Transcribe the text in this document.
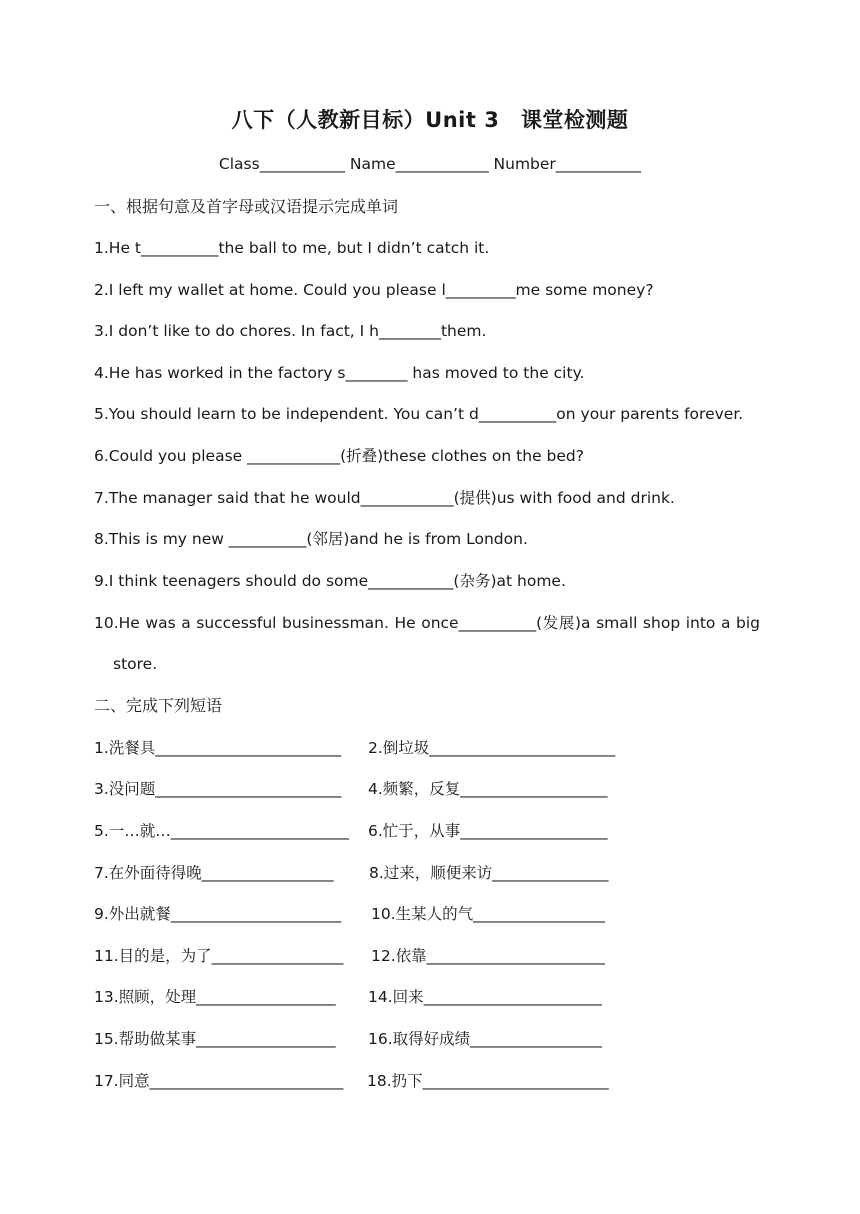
八下（人教新目标）Unit 3　课堂检测题
Class___________ Name____________ Number___________
一、根据句意及首字母或汉语提示完成单词
1.He t__________the ball to me, but I didn’t catch it.
2.I left my wallet at home. Could you please l_________me some money?
3.I don’t like to do chores. In fact, I h________them.
4.He has worked in the factory s________ has moved to the city.
5.You should learn to be independent. You can’t d__________on your parents forever.
6.Could you please ____________(折叠)these clothes on the bed?
7.The manager said that he would____________(提供)us with food and drink.
8.This is my new __________(邻居)and he is from London.
9.I think teenagers should do some___________(杂务)at home.
10.He was a successful businessman. He once__________(发展)a small shop into a big
store.
二、完成下列短语
1.洗餐具________________________ 2.倒垃圾________________________
3.没问题________________________ 4.频繁，反复___________________
5.一…就…_______________________ 6.忙于，从事___________________
7.在外面待得晚_________________ 8.过来，顺便来访_______________
9.外出就餐______________________ 10.生某人的气_________________
11.目的是，为了_________________ 12.依靠_______________________
13.照顾，处理__________________ 14.回来_______________________
15.帮助做某事__________________ 16.取得好成绩_________________
17.同意_________________________ 18.扔下________________________
